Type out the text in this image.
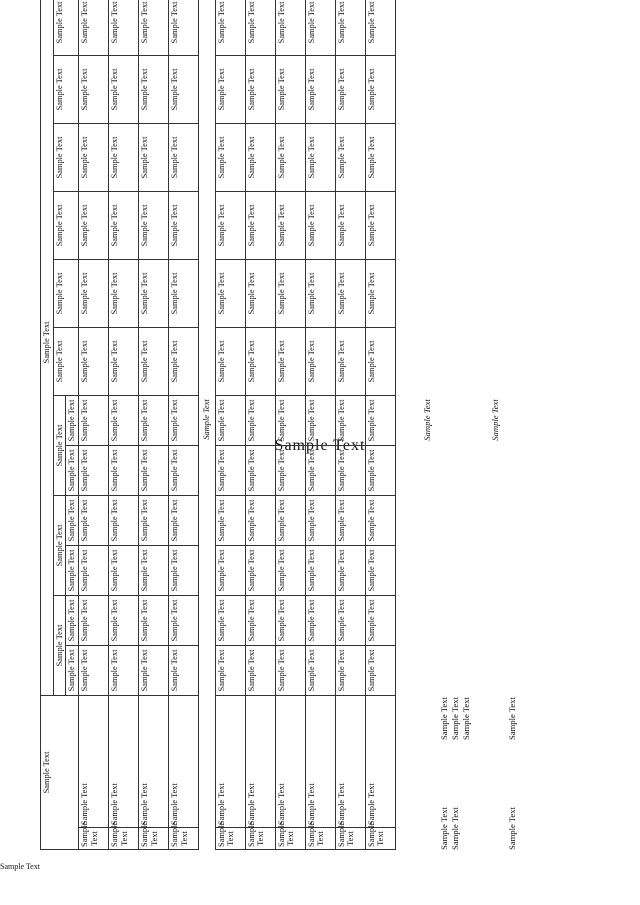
Sample Text
Sample Text
Sample Text		Sample Text											
		Sample Text		Sample Text		Sample Text		Sample Text	Sample Text	Sample Text	Sample Text	Sample Text	Sample Text
		Sample Text	Sample Text	Sample Text	Sample Text	Sample Text	Sample Text						
Sample Text	Sample Text	Sample Text	Sample Text	Sample Text	Sample Text	Sample Text	Sample Text	Sample Text	Sample Text	Sample Text	Sample Text	Sample Text	Sample Text
Sample Text	Sample Text	Sample Text	Sample Text	Sample Text	Sample Text	Sample Text	Sample Text	Sample Text	Sample Text	Sample Text	Sample Text	Sample Text	Sample Text
Sample Text	Sample Text	Sample Text	Sample Text	Sample Text	Sample Text	Sample Text	Sample Text	Sample Text	Sample Text	Sample Text	Sample Text	Sample Text	Sample Text
Sample Text	Sample Text	Sample Text	Sample Text	Sample Text	Sample Text	Sample Text	Sample Text	Sample Text	Sample Text	Sample Text	Sample Text	Sample Text	Sample Text
Sample Text													
Sample Text	Sample Text	Sample Text	Sample Text	Sample Text	Sample Text	Sample Text	Sample Text	Sample Text	Sample Text	Sample Text	Sample Text	Sample Text	Sample Text
Sample Text	Sample Text	Sample Text	Sample Text	Sample Text	Sample Text	Sample Text	Sample Text	Sample Text	Sample Text	Sample Text	Sample Text	Sample Text	Sample Text
Sample Text	Sample Text	Sample Text	Sample Text	Sample Text	Sample Text	Sample Text	Sample Text	Sample Text	Sample Text	Sample Text	Sample Text	Sample Text	Sample Text
Sample Text	Sample Text	Sample Text	Sample Text	Sample Text	Sample Text	Sample Text	Sample Text	Sample Text	Sample Text	Sample Text	Sample Text	Sample Text	Sample Text
Sample Text	Sample Text	Sample Text	Sample Text	Sample Text	Sample Text	Sample Text	Sample Text	Sample Text	Sample Text	Sample Text	Sample Text	Sample Text	Sample Text
Sample Text	Sample Text	Sample Text	Sample Text	Sample Text	Sample Text	Sample Text	Sample Text	Sample Text	Sample Text	Sample Text	Sample Text	Sample Text	Sample Text

Sample Text
Sample Text
Sample Text
Sample Text
Sample Text Sample Text
Sample Text
Sample Text
Sample Text
